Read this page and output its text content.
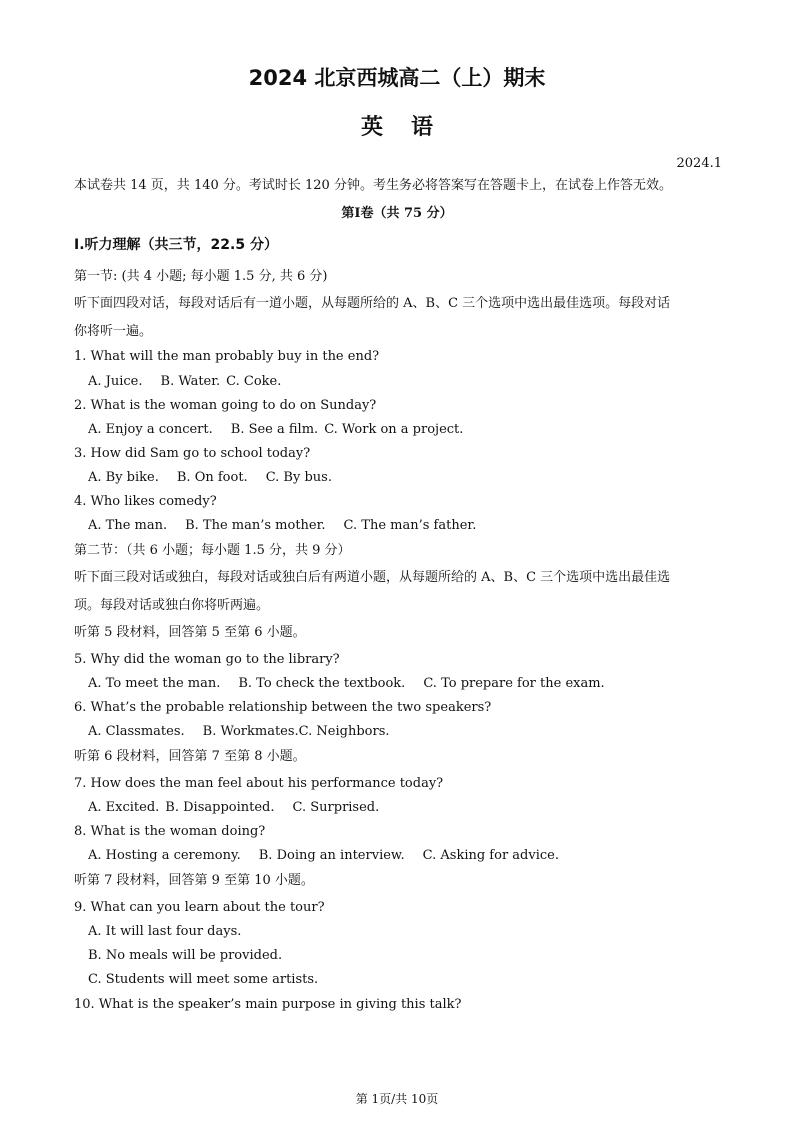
2024 北京西城高二（上）期末
英语
2024.1
本试卷共 14 页，共 140 分。考试时长 120 分钟。考生务必将答案写在答题卡上，在试卷上作答无效。
第Ⅰ卷（共 75 分）
Ⅰ.听力理解（共三节，22.5 分）
第一节: (共 4 小题; 每小题 1.5 分, 共 6 分)
听下面四段对话，每段对话后有一道小题，从每题所给的 A、B、C 三个选项中选出最佳选项。每段对话
你将听一遍。
1. What will the man probably buy in the end?
A. Juice. B. Water. C. Coke.
2. What is the woman going to do on Sunday?
A. Enjoy a concert. B. See a film. C. Work on a project.
3. How did Sam go to school today?
A. By bike. B. On foot. C. By bus.
4. Who likes comedy?
A. The man. B. The man’s mother. C. The man’s father.
第二节：（共 6 小题；每小题 1.5 分，共 9 分）
听下面三段对话或独白，每段对话或独白后有两道小题，从每题所给的 A、B、C 三个选项中选出最佳选
项。每段对话或独白你将听两遍。
听第 5 段材料，回答第 5 至第 6 小题。
5. Why did the woman go to the library?
A. To meet the man. B. To check the textbook. C. To prepare for the exam.
6. What’s the probable relationship between the two speakers?
A. Classmates. B. Workmates.C. Neighbors.
听第 6 段材料，回答第 7 至第 8 小题。
7. How does the man feel about his performance today?
A. Excited. B. Disappointed. C. Surprised.
8. What is the woman doing?
A. Hosting a ceremony. B. Doing an interview. C. Asking for advice.
听第 7 段材料，回答第 9 至第 10 小题。
9. What can you learn about the tour?
A. It will last four days.
B. No meals will be provided.
C. Students will meet some artists.
10. What is the speaker’s main purpose in giving this talk?
第 1页/共 10页
